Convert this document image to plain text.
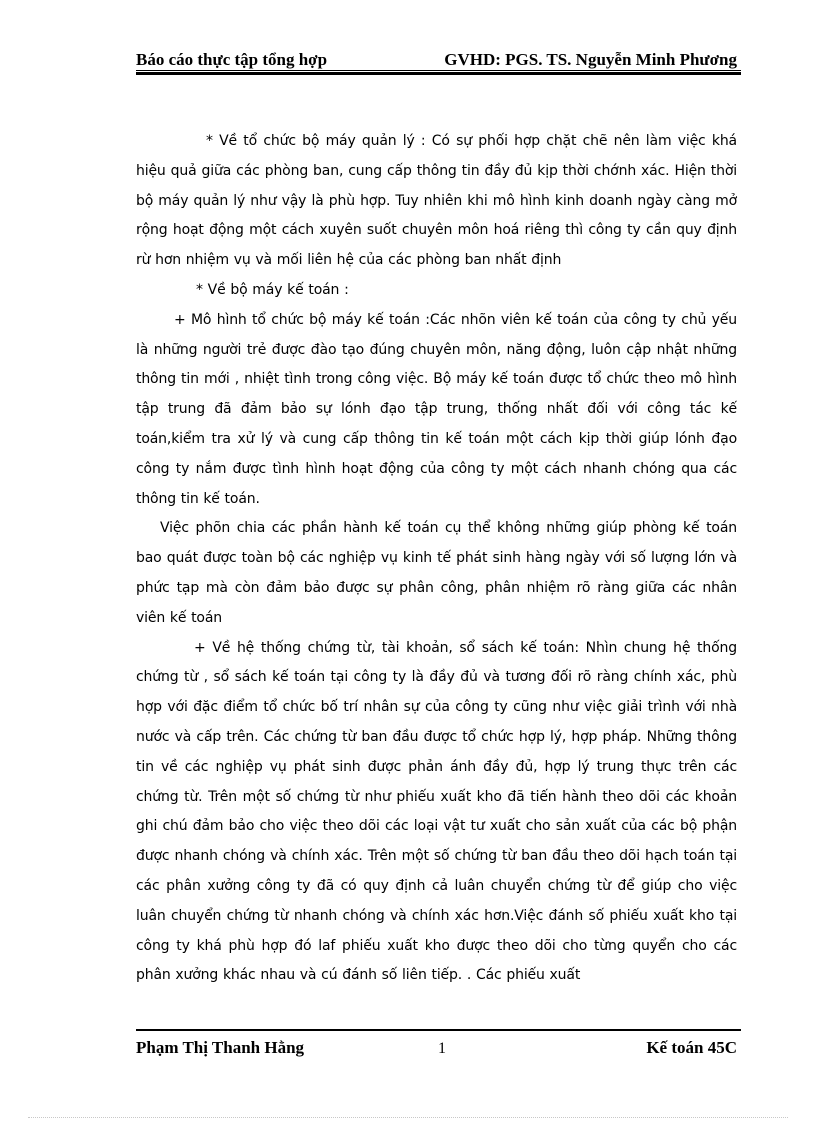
Báo cáo thực tập tổng hợp	GVHD: PGS. TS. Nguyễn Minh Phương

* Về tổ chức bộ máy quản lý : Có sự phối hợp chặt chẽ nên làm việc khá hiệu quả giữa các phòng ban, cung cấp thông tin đầy đủ kịp thời chớnh xác. Hiện thời bộ máy quản lý như vậy là phù hợp. Tuy nhiên khi mô hình kinh doanh ngày càng mở rộng hoạt động một cách xuyên suốt chuyên môn hoá riêng thì công ty cần quy định rừ hơn nhiệm vụ và mối liên hệ của các phòng ban nhất định

* Về bộ máy kế toán :

+ Mô hình tổ chức bộ máy kế toán :Các nhõn viên kế toán của công ty chủ yếu là những người trẻ được đào tạo đúng chuyên môn, năng động, luôn cập nhật những thông tin mới , nhiệt tình trong công việc. Bộ máy kế toán được tổ chức theo mô hình tập trung đã đảm bảo sự lónh đạo tập trung, thống nhất đối với công tác kế toán,kiểm tra xử lý và cung cấp thông tin kế toán một cách kịp thời giúp lónh đạo công ty nắm được tình hình hoạt động của công ty một cách nhanh chóng qua các thông tin kế toán.

Việc phõn chia các phần hành kế toán cụ thể không những giúp phòng kế toán bao quát được toàn bộ các nghiệp vụ kinh tế phát sinh hàng ngày với số lượng lớn và phức tạp mà còn đảm bảo được sự phân công, phân nhiệm rõ ràng giữa các nhân viên kế toán

+ Về hệ thống chứng từ, tài khoản, sổ sách kế toán: Nhìn chung hệ thống chứng từ , sổ sách kế toán tại công ty là đầy đủ và tương đối rõ ràng chính xác, phù hợp với đặc điểm tổ chức bố trí nhân sự của công ty cũng như việc giải trình với nhà nước và cấp trên. Các chứng từ ban đầu được tổ chức hợp lý, hợp pháp. Những thông tin về các nghiệp vụ phát sinh được phản ánh đầy đủ, hợp lý trung thực trên các chứng từ. Trên một số chứng từ như phiếu xuất kho đã tiến hành theo dõi các khoản ghi chú đảm bảo cho việc theo dõi các loại vật tư xuất cho sản xuất của các bộ phận được nhanh chóng và chính xác. Trên một số chứng từ ban đầu theo dõi hạch toán tại các phân xưởng công ty đã có quy định cả luân chuyển chứng từ để giúp cho việc luân chuyển chứng từ nhanh chóng và chính xác hơn.Việc đánh số phiếu xuất kho tại công ty khá phù hợp đó laf phiếu xuất kho được theo dõi cho từng quyển cho các phân xưởng khác nhau và cú đánh số liên tiếp. . Các phiếu xuất

Phạm Thị Thanh Hằng	1	Kế toán 45C
